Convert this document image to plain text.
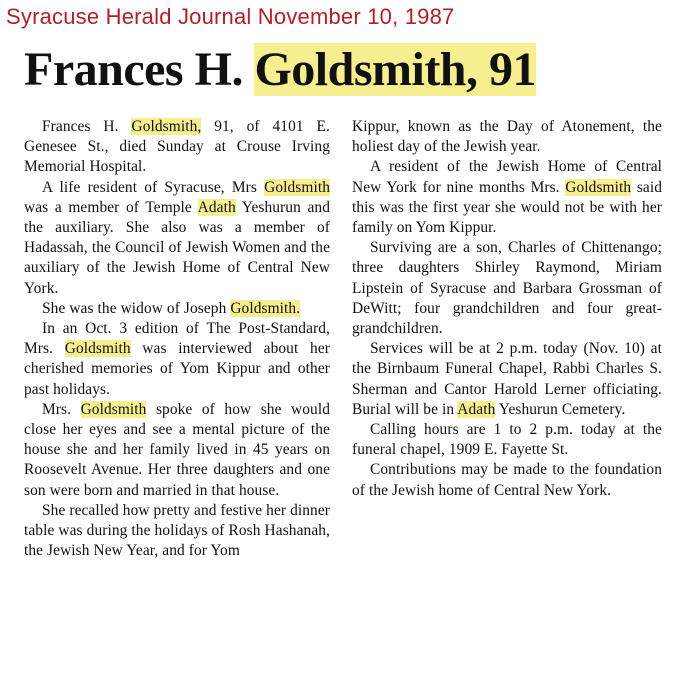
Syracuse Herald Journal November 10, 1987
Frances H. Goldsmith, 91

Frances H. Goldsmith, 91, of 4101 E. Genesee St., died Sunday at Crouse Irving Memorial Hospital.

A life resident of Syracuse, Mrs Goldsmith was a member of Temple Adath Yeshurun and the auxiliary. She also was a member of Hadassah, the Council of Jewish Women and the auxiliary of the Jewish Home of Central New York.

She was the widow of Joseph Goldsmith.

In an Oct. 3 edition of The Post-Standard, Mrs. Goldsmith was interviewed about her cherished memories of Yom Kippur and other past holidays.

Mrs. Goldsmith spoke of how she would close her eyes and see a mental picture of the house she and her family lived in 45 years on Roosevelt Avenue. Her three daughters and one son were born and married in that house.

She recalled how pretty and festive her dinner table was during the holidays of Rosh Hashanah, the Jewish New Year, and for Yom

Kippur, known as the Day of Atonement, the holiest day of the Jewish year.

A resident of the Jewish Home of Central New York for nine months Mrs. Goldsmith said this was the first year she would not be with her family on Yom Kippur.

Surviving are a son, Charles of Chittenango; three daughters Shirley Raymond, Miriam Lipstein of Syracuse and Barbara Grossman of DeWitt; four grandchildren and four great-grandchildren.

Services will be at 2 p.m. today (Nov. 10) at the Birnbaum Funeral Chapel, Rabbi Charles S. Sherman and Cantor Harold Lerner officiating. Burial will be in Adath Yeshurun Cemetery.

Calling hours are 1 to 2 p.m. today at the funeral chapel, 1909 E. Fayette St.

Contributions may be made to the foundation of the Jewish home of Central New York.
